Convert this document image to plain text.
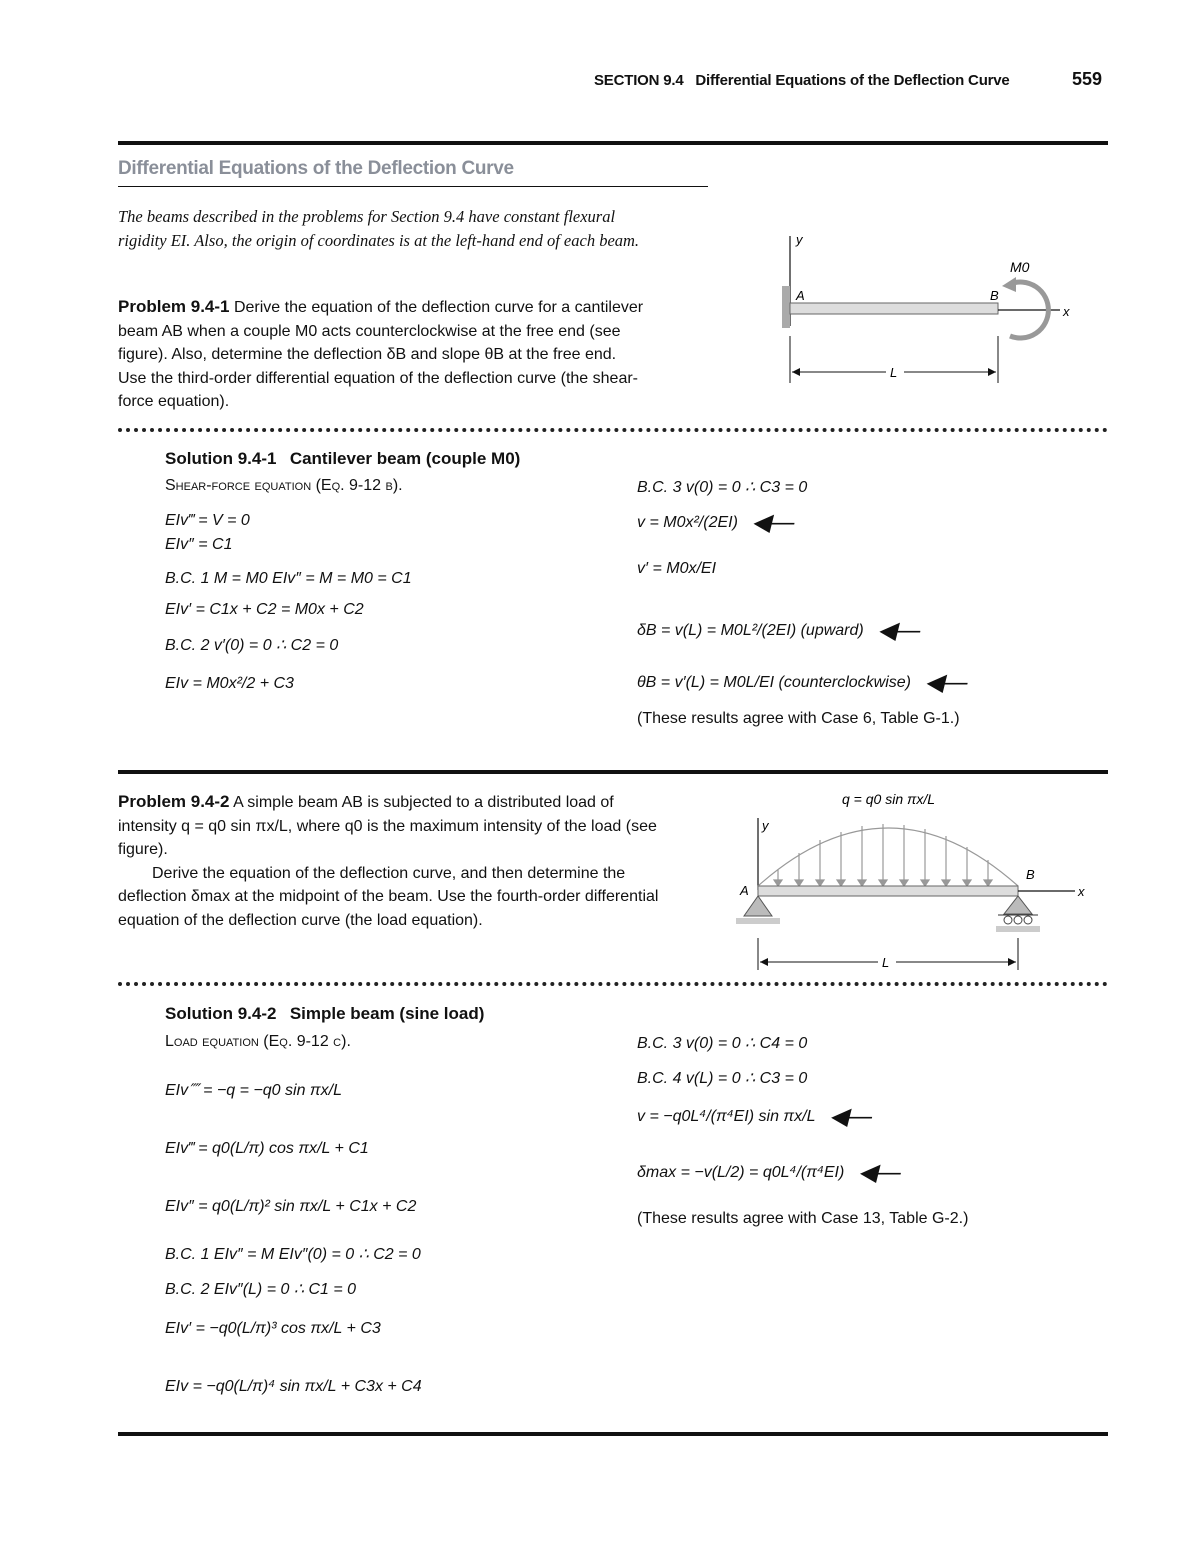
SECTION 9.4 Differential Equations of the Deflection Curve	559
Differential Equations of the Deflection Curve
The beams described in the problems for Section 9.4 have constant flexural rigidity EI. Also, the origin of coordinates is at the left-hand end of each beam.
Problem 9.4-1 Derive the equation of the deflection curve for a cantilever beam AB when a couple M0 acts counterclockwise at the free end (see figure). Also, determine the deflection δB and slope θB at the free end. Use the third-order differential equation of the deflection curve (the shear-force equation).
y
A	B
x
M0
L
Solution 9.4-1 Cantilever beam (couple M0)
Shear-force equation (Eq. 9-12 b).
EIv‴ = V = 0
EIv″ = C1
B.C. 1 M = M0 EIv″ = M = M0 = C1
EIv′ = C1x + C2 = M0x + C2
B.C. 2 v′(0) = 0 ∴ C2 = 0
EIv = M0x²/2 + C3
B.C. 3 v(0) = 0 ∴ C3 = 0
v = M0x²/(2EI) ◀—
v′ = M0x/EI
δB = v(L) = M0L²/(2EI) (upward) ◀—
θB = v′(L) = M0L/EI (counterclockwise) ◀—
(These results agree with Case 6, Table G-1.)
Problem 9.4-2 A simple beam AB is subjected to a distributed load of intensity q = q0 sin πx/L, where q0 is the maximum intensity of the load (see figure).
Derive the equation of the deflection curve, and then determine the deflection δmax at the midpoint of the beam. Use the fourth-order differential equation of the deflection curve (the load equation).
q = q0 sin πx/L
y
A
B
x
L
Solution 9.4-2 Simple beam (sine load)
Load equation (Eq. 9-12 c).
EIv⁗ = −q = −q0 sin πx/L
EIv‴ = q0(L/π) cos πx/L + C1
EIv″ = q0(L/π)² sin πx/L + C1x + C2
B.C. 1 EIv″ = M EIv″(0) = 0 ∴ C2 = 0
B.C. 2 EIv″(L) = 0 ∴ C1 = 0
EIv′ = −q0(L/π)³ cos πx/L + C3
EIv = −q0(L/π)⁴ sin πx/L + C3x + C4
B.C. 3 v(0) = 0 ∴ C4 = 0
B.C. 4 v(L) = 0 ∴ C3 = 0
v = −q0L⁴/(π⁴EI) sin πx/L ◀—
δmax = −v(L/2) = q0L⁴/(π⁴EI) ◀—
(These results agree with Case 13, Table G-2.)
